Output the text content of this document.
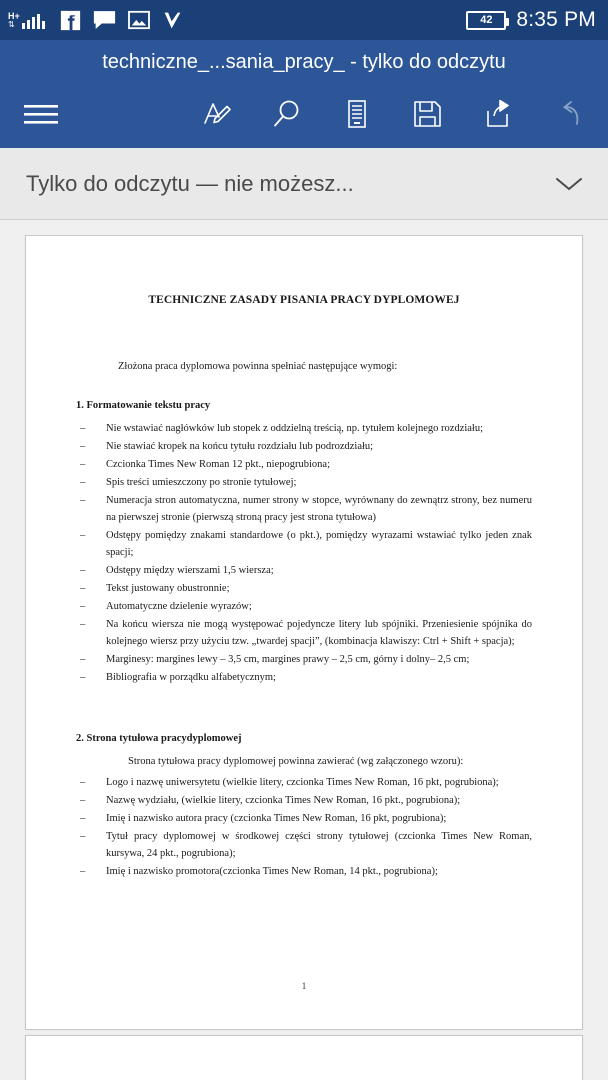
H+
⇅	42 8:35 PM
techniczne_...sania_pracy_ - tylko do odczytu
Tylko do odczytu — nie możesz...
TECHNICZNE ZASADY PISANIA PRACY DYPLOMOWEJ

Złożona praca dyplomowa powinna spełniać następujące wymogi:

1. Formatowanie tekstu pracy
– Nie wstawiać nagłówków lub stopek z oddzielną treścią, np. tytułem kolejnego rozdziału;
– Nie stawiać kropek na końcu tytułu rozdziału lub podrozdziału;
– Czcionka Times New Roman 12 pkt., niepogrubiona;
– Spis treści umieszczony po stronie tytułowej;
– Numeracja stron automatyczna, numer strony w stopce, wyrównany do zewnątrz strony, bez numeru na pierwszej stronie (pierwszą stroną pracy jest strona tytułowa)
– Odstępy pomiędzy znakami standardowe (o pkt.), pomiędzy wyrazami wstawiać tylko jeden znak spacji;
– Odstępy między wierszami 1,5 wiersza;
– Tekst justowany obustronnie;
– Automatyczne dzielenie wyrazów;
– Na końcu wiersza nie mogą występować pojedyncze litery lub spójniki. Przeniesienie spójnika do kolejnego wiersz przy użyciu tzw. „twardej spacji”, (kombinacja klawiszy: Ctrl + Shift + spacja);
– Marginesy: margines lewy – 3,5 cm, margines prawy – 2,5 cm, górny i dolny– 2,5 cm;
– Bibliografia w porządku alfabetycznym;
2. Strona tytułowa pracydyplomowej

Strona tytułowa pracy dyplomowej powinna zawierać (wg załączonego wzoru):

– Logo i nazwę uniwersytetu (wielkie litery, czcionka Times New Roman, 16 pkt, pogrubiona);
– Nazwę wydziału, (wielkie litery, czcionka Times New Roman, 16 pkt., pogrubiona);
– Imię i nazwisko autora pracy (czcionka Times New Roman, 16 pkt, pogrubiona);
– Tytuł pracy dyplomowej w środkowej części strony tytułowej (czcionka Times New Roman, kursywa, 24 pkt., pogrubiona);
– Imię i nazwisko promotora(czcionka Times New Roman, 14 pkt., pogrubiona);
1
